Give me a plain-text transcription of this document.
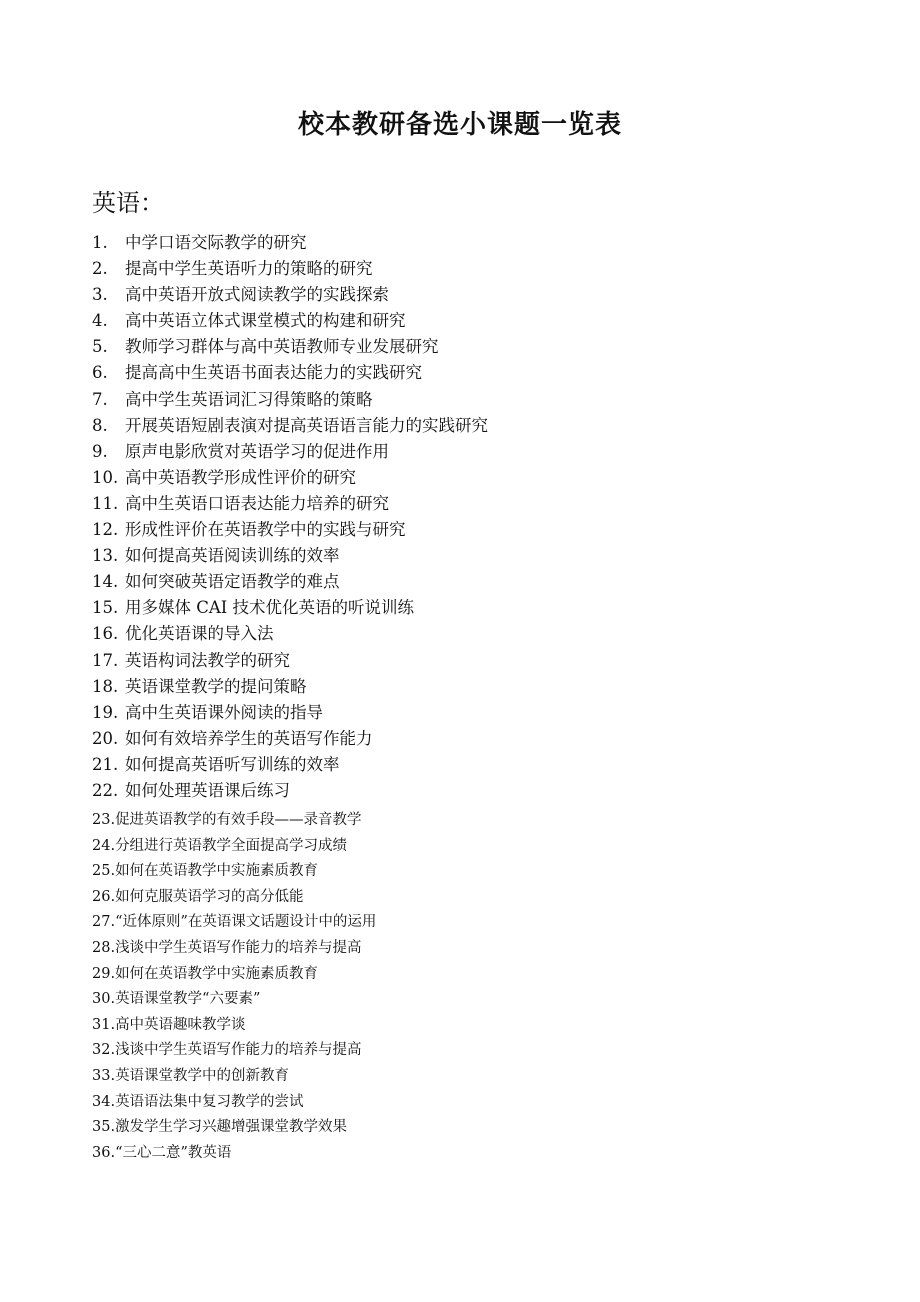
校本教研备选小课题一览表
英语：
1. 中学口语交际教学的研究
2. 提高中学生英语听力的策略的研究
3. 高中英语开放式阅读教学的实践探索
4. 高中英语立体式课堂模式的构建和研究
5. 教师学习群体与高中英语教师专业发展研究
6. 提高高中生英语书面表达能力的实践研究
7. 高中学生英语词汇习得策略的策略
8. 开展英语短剧表演对提高英语语言能力的实践研究
9. 原声电影欣赏对英语学习的促进作用
10. 高中英语教学形成性评价的研究
11. 高中生英语口语表达能力培养的研究
12. 形成性评价在英语教学中的实践与研究
13. 如何提高英语阅读训练的效率
14. 如何突破英语定语教学的难点
15. 用多媒体 CAI 技术优化英语的听说训练
16. 优化英语课的导入法
17. 英语构词法教学的研究
18. 英语课堂教学的提问策略
19. 高中生英语课外阅读的指导
20. 如何有效培养学生的英语写作能力
21. 如何提高英语听写训练的效率
22. 如何处理英语课后练习
23.促进英语教学的有效手段——录音教学
24.分组进行英语教学全面提高学习成绩
25.如何在英语教学中实施素质教育
26.如何克服英语学习的高分低能
27.“近体原则”在英语课文话题设计中的运用
28.浅谈中学生英语写作能力的培养与提高
29.如何在英语教学中实施素质教育
30.英语课堂教学“六要素”
31.高中英语趣味教学谈
32.浅谈中学生英语写作能力的培养与提高
33.英语课堂教学中的创新教育
34.英语语法集中复习教学的尝试
35.激发学生学习兴趣增强课堂教学效果
36.“三心二意”教英语
